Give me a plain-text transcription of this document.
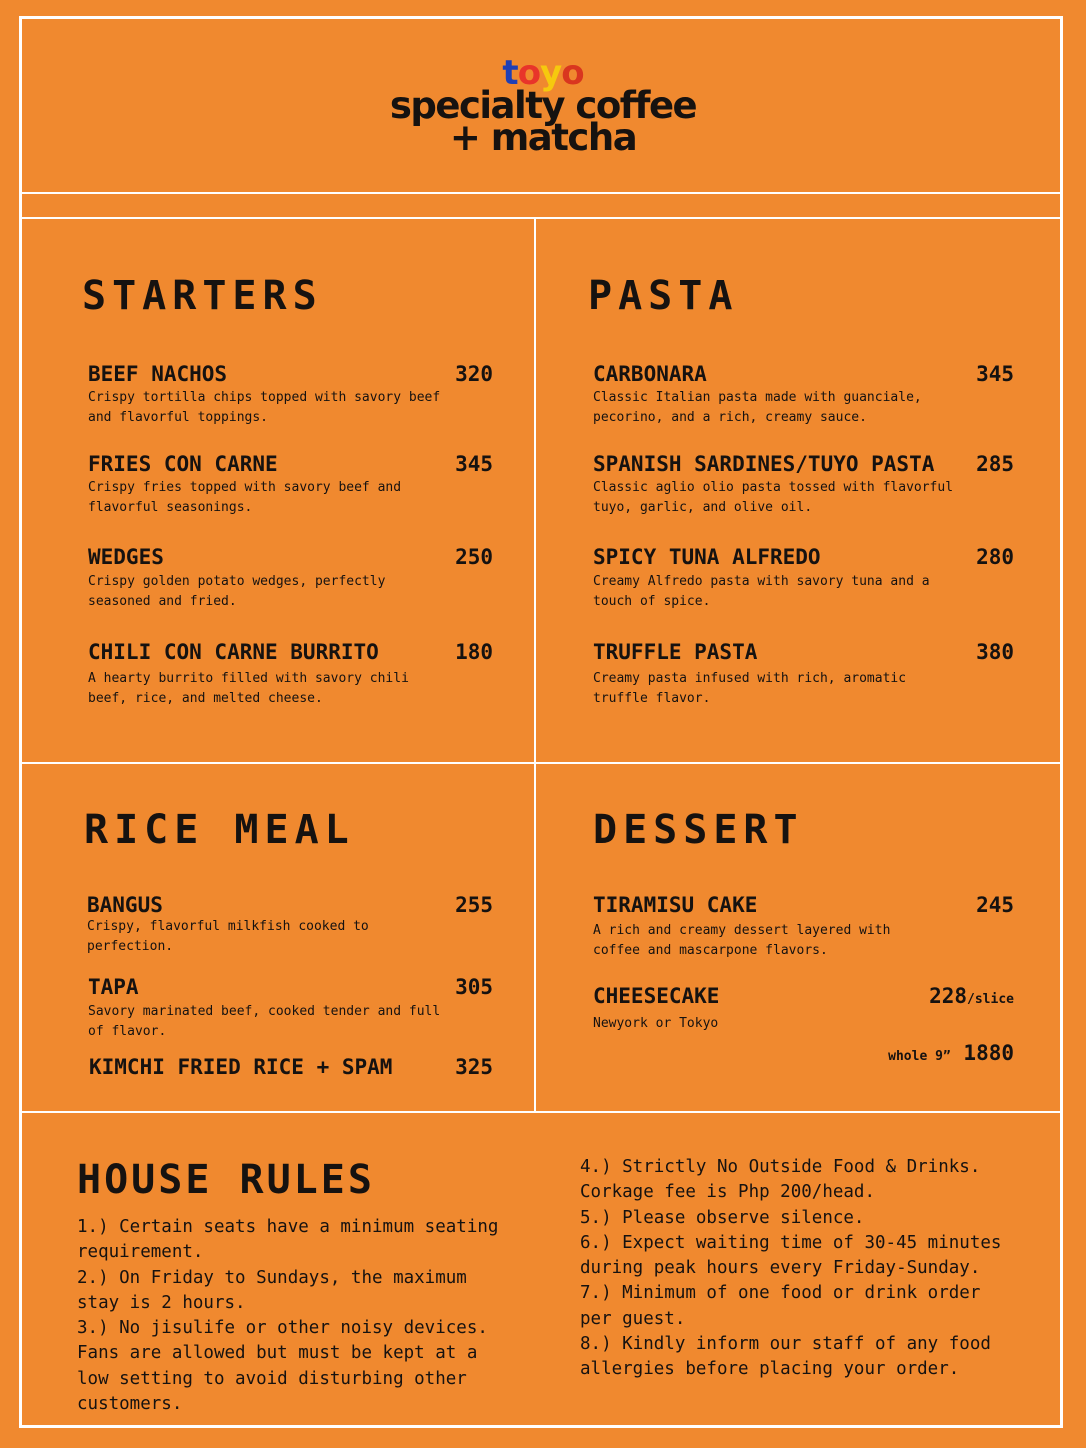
toyo
specialty coffee
+ matcha
STARTERS
BEEF NACHOS	320
Crispy tortilla chips topped with savory beef and flavorful toppings.
FRIES CON CARNE	345
Crispy fries topped with savory beef and flavorful seasonings.
WEDGES	250
Crispy golden potato wedges, perfectly seasoned and fried.
CHILI CON CARNE BURRITO	180
A hearty burrito filled with savory chili beef, rice, and melted cheese.
PASTA
CARBONARA	345
Classic Italian pasta made with guanciale, pecorino, and a rich, creamy sauce.
SPANISH SARDINES/TUYO PASTA	285
Classic aglio olio pasta tossed with flavorful tuyo, garlic, and olive oil.
SPICY TUNA ALFREDO	280
Creamy Alfredo pasta with savory tuna and a touch of spice.
TRUFFLE PASTA	380
Creamy pasta infused with rich, aromatic truffle flavor.
RICE MEAL
BANGUS	255
Crispy, flavorful milkfish cooked to perfection.
TAPA	305
Savory marinated beef, cooked tender and full of flavor.
KIMCHI FRIED RICE + SPAM	325
DESSERT
TIRAMISU CAKE	245
A rich and creamy dessert layered with coffee and mascarpone flavors.
CHEESECAKE	228/slice
Newyork or Tokyo
whole 9” 1880
HOUSE RULES
1.) Certain seats have a minimum seating requirement.
2.) On Friday to Sundays, the maximum stay is 2 hours.
3.) No jisulife or other noisy devices. Fans are allowed but must be kept at a low setting to avoid disturbing other customers.
4.) Strictly No Outside Food & Drinks. Corkage fee is Php 200/head.
5.) Please observe silence.
6.) Expect waiting time of 30-45 minutes during peak hours every Friday-Sunday.
7.) Minimum of one food or drink order per guest.
8.) Kindly inform our staff of any food allergies before placing your order.
